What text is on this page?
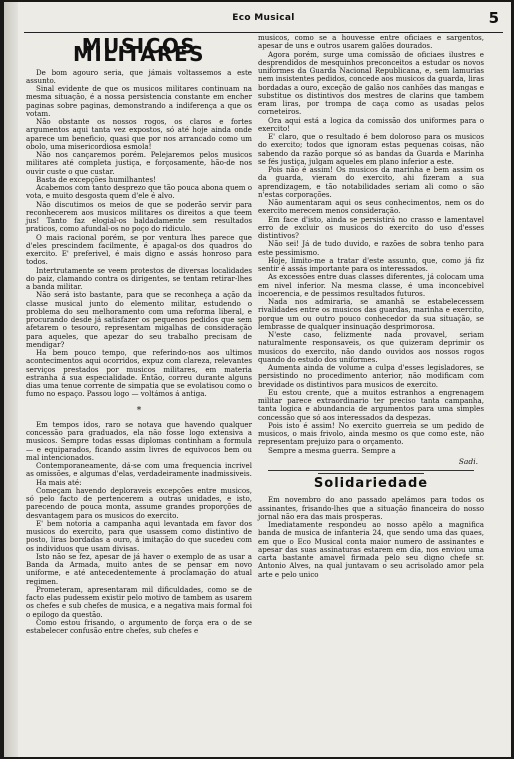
Eco Musical	5
MUSICOS MILITARES

De bom agouro seria, que jámais voltassemos a este assunto.

Sinal evidente de que os musicos militares continuam na mesma situação, é a nossa persistencia constante em encher paginas sobre paginas, demonstrando a indiferença a que os votam.

Não obstante os nossos rogos, os claros e fortes argumentos aqui tanta vez expostos, só até hoje ainda onde aparece um beneficio, quasi que por nos arrancado como um obolo, uma misericordiosa esmola!

Não nos cançaremos porém. Pelejaremos pelos musicos militares até completa justiça, e forçosamente, hão-de nos ouvir custe o que custar.

Basta de excepções humilhantes!

Acabemos com tanto desprezo que tão pouca abona quem o vota, e muito desgosta quem d'ele é alvo.

Não discutimos os meios de que se poderão servir para reconhecerem aos musicos militares os direitos a que teem jus! Tanto faz elogial-os baldadamente sem resultados praticos, como afundal-os no poço do ridiculo.

O mais racional porém, se por ventura lhes parece que d'eles prescindem facilmente, é apagal-os dos quadros do exercito. E' preferivel, é mais digno e assás honroso para todos.

Intertrutamente se veem protestos de diversas localidades do paiz, clamando contra os dirigentes, se tentam retirar-lhes a banda militar.

Não será isto bastante, para que se reconheça a ação da classe musical junto do elemento militar, estudendo o problema do seu melhoramento com uma reforma liberal, e procurando desde já satisfazer os pequenos pedidos que sem afetarem o tesouro, representam migalhas de consideração para aqueles, que apezar do seu trabalho precisam de mendigar?

Ha bem pouco tempo, que referindo-nos aos ultimos acontecimentos aqui ocorridos, expuz com clareza, relevantes serviços prestados por musicos militares, em materia estranha á sua especialidade. Então, correu durante alguns dias uma tenue corrente de simpatia que se evolatisou como o fumo no espaço. Passou logo — voltámos á antiga.

*

Em tempos idos, raro se notava que havendo qualquer concessão para graduados, ela não fosse logo extensiva a musicos. Sempre todas essas diplomas continham a formula — e equiparados, ficando assim livres de equivocos bem ou mal intencionados.

Contemporaneamente, dá-se com uma frequencia incrivel as omissões, e algumas d'elas, verdadeiramente inadmissiveis.

Ha mais até:

Começam havendo deploraveis excepções entre musicos, só pelo facto de pertencerem a outras unidades, e isto, parecendo de pouca monta, assume grandes proporções de desvantagem para os musicos do exercito.

E' bem notoria a campanha aqui levantada em favor dos musicos do exercito, para que usassem como distintivo de posto, liras bordadas a ouro, á imitação do que sucedeu com os individuos que usam divisas.

Isto não se fez, apesar de já haver o exemplo de as usar a Banda da Armada, muito antes de se pensar em novo uniforme, e até antecedentemente á proclamação do atual regimen.

Prometeram, apresentaram mil dificuldades, como se de facto elas pudessem existir pelo motivo de tambem as usarem os chefes e sub chefes de musica, e a negativa mais formal foi o epilogo da questão.

Como estou frisando, o argumento de força era o de se estabelecer confusão entre chefes, sub chefes e

musicos, como se a houvesse entre oficiaes e sargentos, apesar de uns e outros usarem galões dourados.

Agora porém, surge uma comissão de oficiaes ilustres e desprendidos de mesquinhos preconceitos a estudar os novos uniformes da Guarda Nacional Republicana, e, sem lamurias nem insistentes pedidos, concede aos musicos da guarda, liras bordadas a ouro, exceção de galão nos canhões das mangas e substitue os distintivos dos mestres de clarins que tambem eram liras, por trompa de caça como as usadas pelos corneteiros.

Ora aqui está a logica da comissão dos uniformes para o exercito!

E' claro, que o resultado é bem doloroso para os musicos do exercito; todos que ignoram estas pequenas coisas, não sabendo da razão porque só as bandas da Guarda e Marinha se fés justiça, julgam aqueles em plano inferior a este.

Pois não é assim! Os musicos da marinha e bem assim os da guarda, vieram do exercito, ahi fizeram a sua aprendizagem, e tão notabilidades seriam ali como o são n'estas corporações.

Não aumentaram aqui os seus conhecimentos, nem os do exercito merecem menos consideração.

Em face d'isto, ainda se persistirá no crasso e lamentavel erro de excluir os musicos do exercito do uso d'esses distintivos?

Não sei! Já de tudo duvido, e razões de sobra tenho para este pessimismo.

Hoje, limito-me a tratar d'este assunto, que, como já fiz sentir é assás importante para os interessados.

As excessões entre duas classes diferentes, já colocam uma em nivel inferior. Na mesma classe, é uma inconcebivel incoerencia, e de pessimos resultados futuros.

Nada nos admiraria, se amanhã se estabelecessem rivalidades entre os musicos das guardas, marinha e exercito, porque um ou outro pouco conhecedor da sua situação, se lembrasse de qualquer insinuação desprimorosa.

N'este caso, felizmente nada provavel, seriam naturalmente responsaveis, os que quizeram deprimir os musicos do exercito, não dando ouvidos aos nossos rogos quando do estudo dos uniformes.

Aumenta ainda de volume a culpa d'esses legisladores, se persistindo no procedimento anterior, não modificam com brevidade os distintivos para musicos de exercito.

Eu estou crente, que a muitos estranhos a engrenagem militar parece extraordinario ter preciso tanta campanha, tanta logica e abundancia de argumentos para uma simples concessão que só aos interessados da despezas.

Pois isto é assim! No exercito guerreia se um pedido de musicos, o mais frivolo, ainda mesmo os que como este, não representam prejuizo para o orçamento.

Sempre a mesma guerra. Sempre a

Sadi.
Solidariedade

Em novembro do ano passado apelámos para todos os assinantes, frisando-lhes que a situação financeira do nosso jornal não era das mais prosperas.

Imediatamente respondeu ao nosso apêlo a magnifica banda de musica de infanteria 24, que sendo uma das quaes, em que o Eco Musical conta maior numero de assinantes e apesar das suas assinaturas estarem em dia, nos enviou uma carta bastante amavel firmada pelo seu digno chefe sr. Antonio Alves, na qual juntavam o seu acrisolado amor pela arte e pelo unico
